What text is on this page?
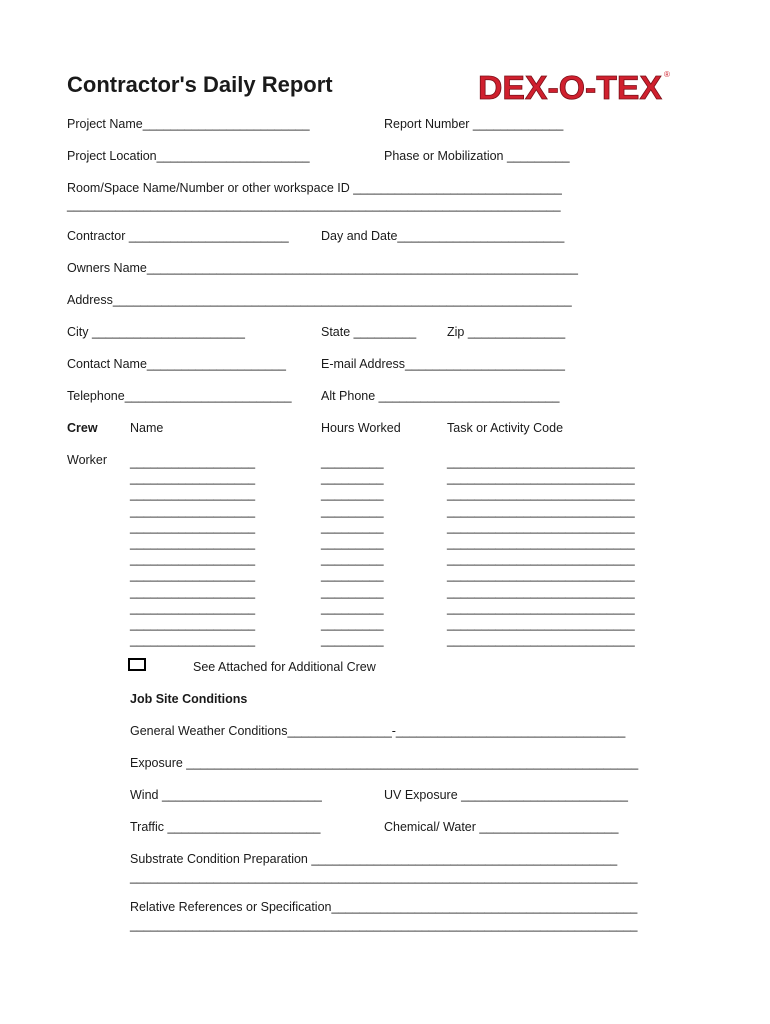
Contractor's Daily Report	DEX-O-TEX ®
Project Name________________________	Report Number _____________
Project Location______________________	Phase or Mobilization _________
Room/Space Name/Number or other workspace ID ______________________________
_______________________________________________________________________
Contractor _______________________	Day and Date________________________
Owners Name______________________________________________________________
Address__________________________________________________________________
City ______________________	State _________ Zip ______________
Contact Name____________________	E-mail Address_______________________
Telephone________________________ Alt Phone __________________________
Crew	Name	Hours Worked	Task or Activity Code
Worker __________________	_________	___________________________
__________________	_________	___________________________
__________________	_________	___________________________
__________________	_________	___________________________
__________________	_________	___________________________
__________________	_________	___________________________
__________________	_________	___________________________
__________________	_________	___________________________
__________________	_________	___________________________
__________________	_________	___________________________
__________________	_________	___________________________
__________________	_________	___________________________
See Attached for Additional Crew
Job Site Conditions
General Weather Conditions_______________-_________________________________
Exposure _________________________________________________________________
Wind _______________________	UV Exposure ________________________
Traffic ______________________	Chemical/ Water ____________________
Substrate Condition Preparation ____________________________________________
_________________________________________________________________________
Relative References or Specification____________________________________________
_________________________________________________________________________
